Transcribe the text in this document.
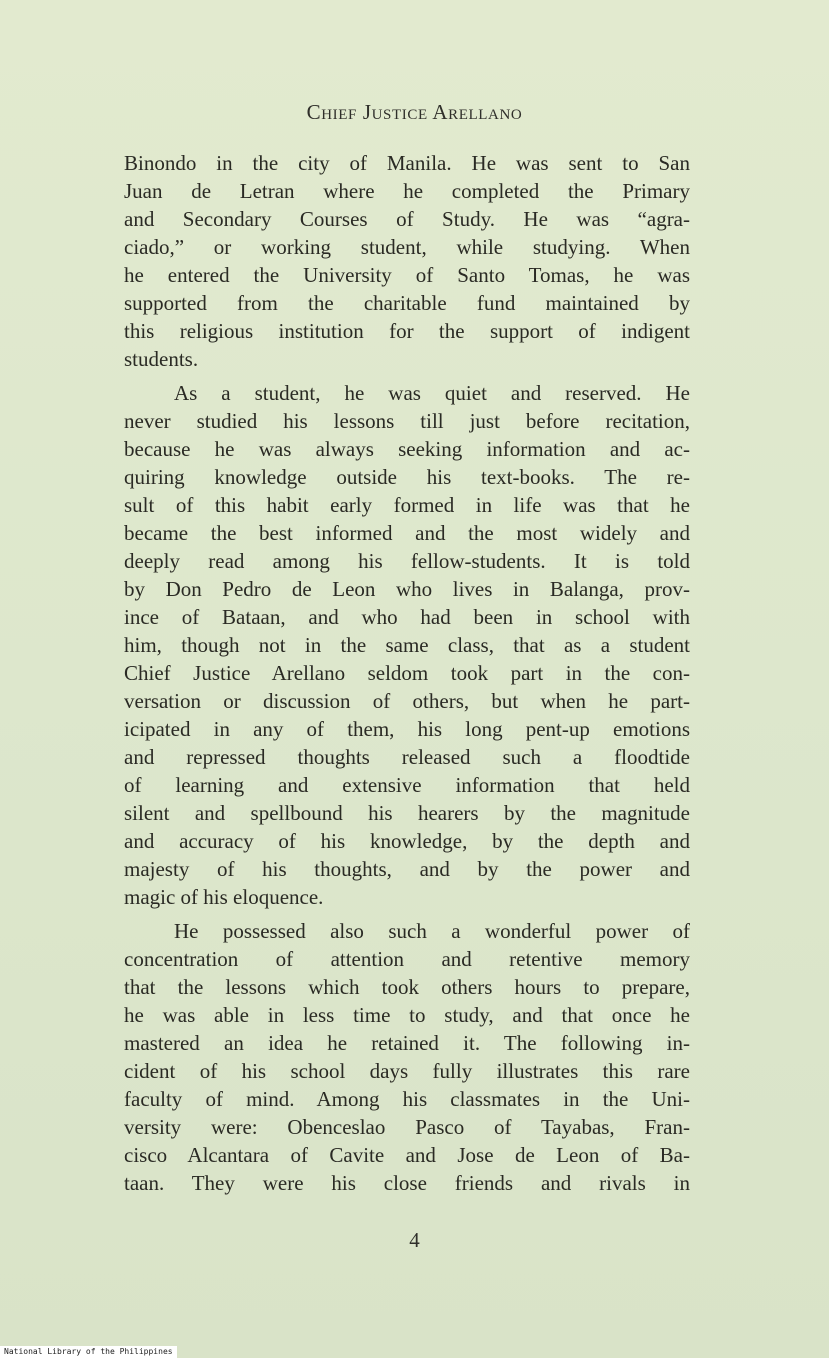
Chief Justice Arellano
Binondo in the city of Manila. He was sent to San
Juan de Letran where he completed the Primary
and Secondary Courses of Study. He was “agra-
ciado,” or working student, while studying. When
he entered the University of Santo Tomas, he was
supported from the charitable fund maintained by
this religious institution for the support of indigent
students.
As a student, he was quiet and reserved. He
never studied his lessons till just before recitation,
because he was always seeking information and ac-
quiring knowledge outside his text-books. The re-
sult of this habit early formed in life was that he
became the best informed and the most widely and
deeply read among his fellow-students. It is told
by Don Pedro de Leon who lives in Balanga, prov-
ince of Bataan, and who had been in school with
him, though not in the same class, that as a student
Chief Justice Arellano seldom took part in the con-
versation or discussion of others, but when he part-
icipated in any of them, his long pent-up emotions
and repressed thoughts released such a floodtide
of learning and extensive information that held
silent and spellbound his hearers by the magnitude
and accuracy of his knowledge, by the depth and
majesty of his thoughts, and by the power and
magic of his eloquence.
He possessed also such a wonderful power of
concentration of attention and retentive memory
that the lessons which took others hours to prepare,
he was able in less time to study, and that once he
mastered an idea he retained it. The following in-
cident of his school days fully illustrates this rare
faculty of mind. Among his classmates in the Uni-
versity were: Obenceslao Pasco of Tayabas, Fran-
cisco Alcantara of Cavite and Jose de Leon of Ba-
taan. They were his close friends and rivals in
4
National Library of the Philippines
